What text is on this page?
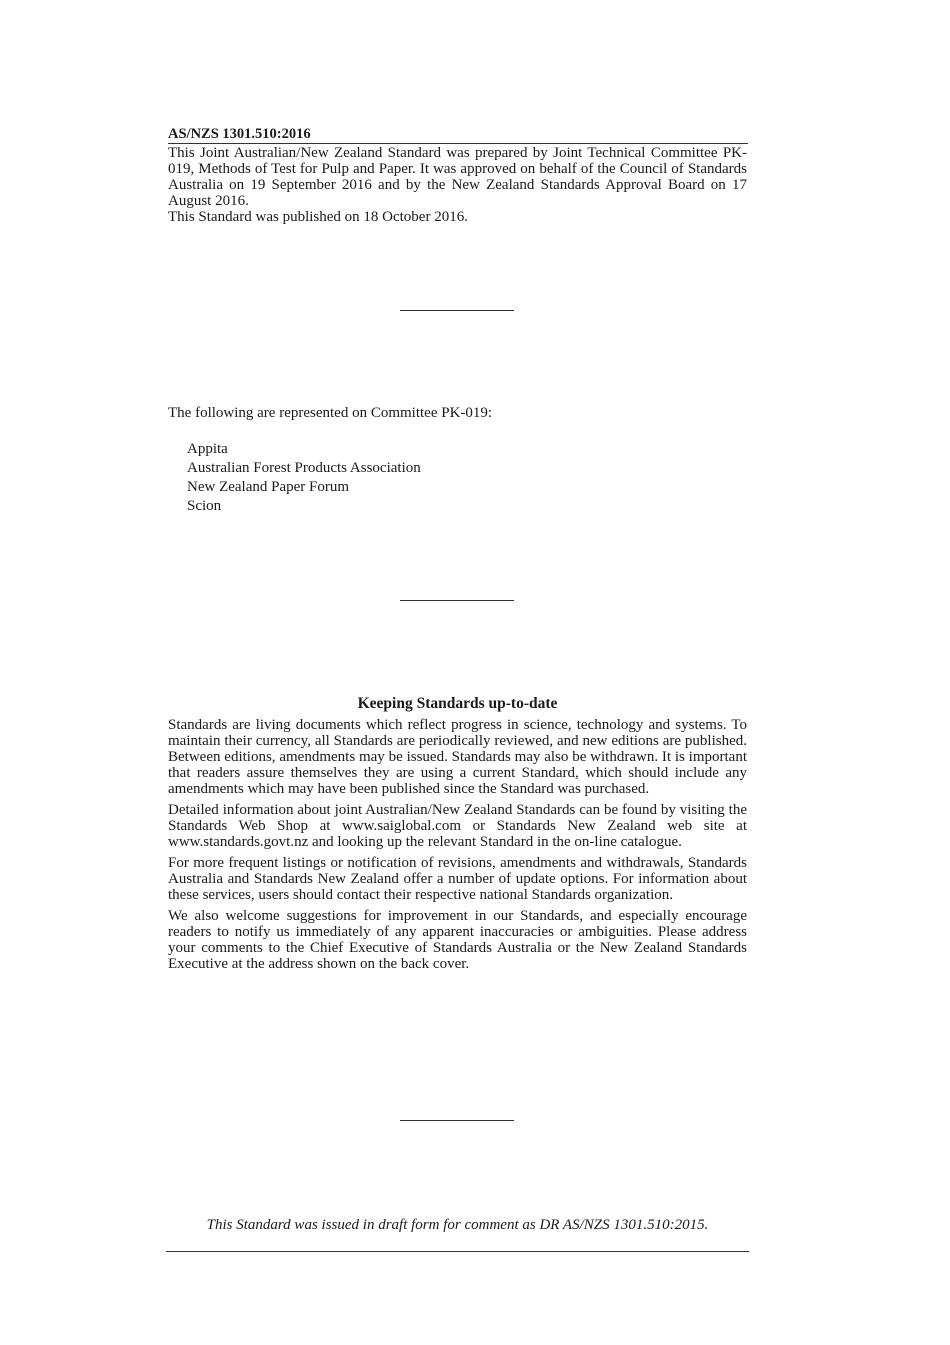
AS/NZS 1301.510:2016
This Joint Australian/New Zealand Standard was prepared by Joint Technical Committee PK-019, Methods of Test for Pulp and Paper. It was approved on behalf of the Council of Standards Australia on 19 September 2016 and by the New Zealand Standards Approval Board on 17 August 2016.
This Standard was published on 18 October 2016.
The following are represented on Committee PK-019:
Appita
Australian Forest Products Association
New Zealand Paper Forum
Scion
Keeping Standards up-to-date

Standards are living documents which reflect progress in science, technology and systems. To maintain their currency, all Standards are periodically reviewed, and new editions are published. Between editions, amendments may be issued. Standards may also be withdrawn. It is important that readers assure themselves they are using a current Standard, which should include any amendments which may have been published since the Standard was purchased.

Detailed information about joint Australian/New Zealand Standards can be found by visiting the Standards Web Shop at www.saiglobal.com or Standards New Zealand web site at www.standards.govt.nz and looking up the relevant Standard in the on-line catalogue.

For more frequent listings or notification of revisions, amendments and withdrawals, Standards Australia and Standards New Zealand offer a number of update options. For information about these services, users should contact their respective national Standards organization.

We also welcome suggestions for improvement in our Standards, and especially encourage readers to notify us immediately of any apparent inaccuracies or ambiguities. Please address your comments to the Chief Executive of Standards Australia or the New Zealand Standards Executive at the address shown on the back cover.

This Standard was issued in draft form for comment as DR AS/NZS 1301.510:2015.
